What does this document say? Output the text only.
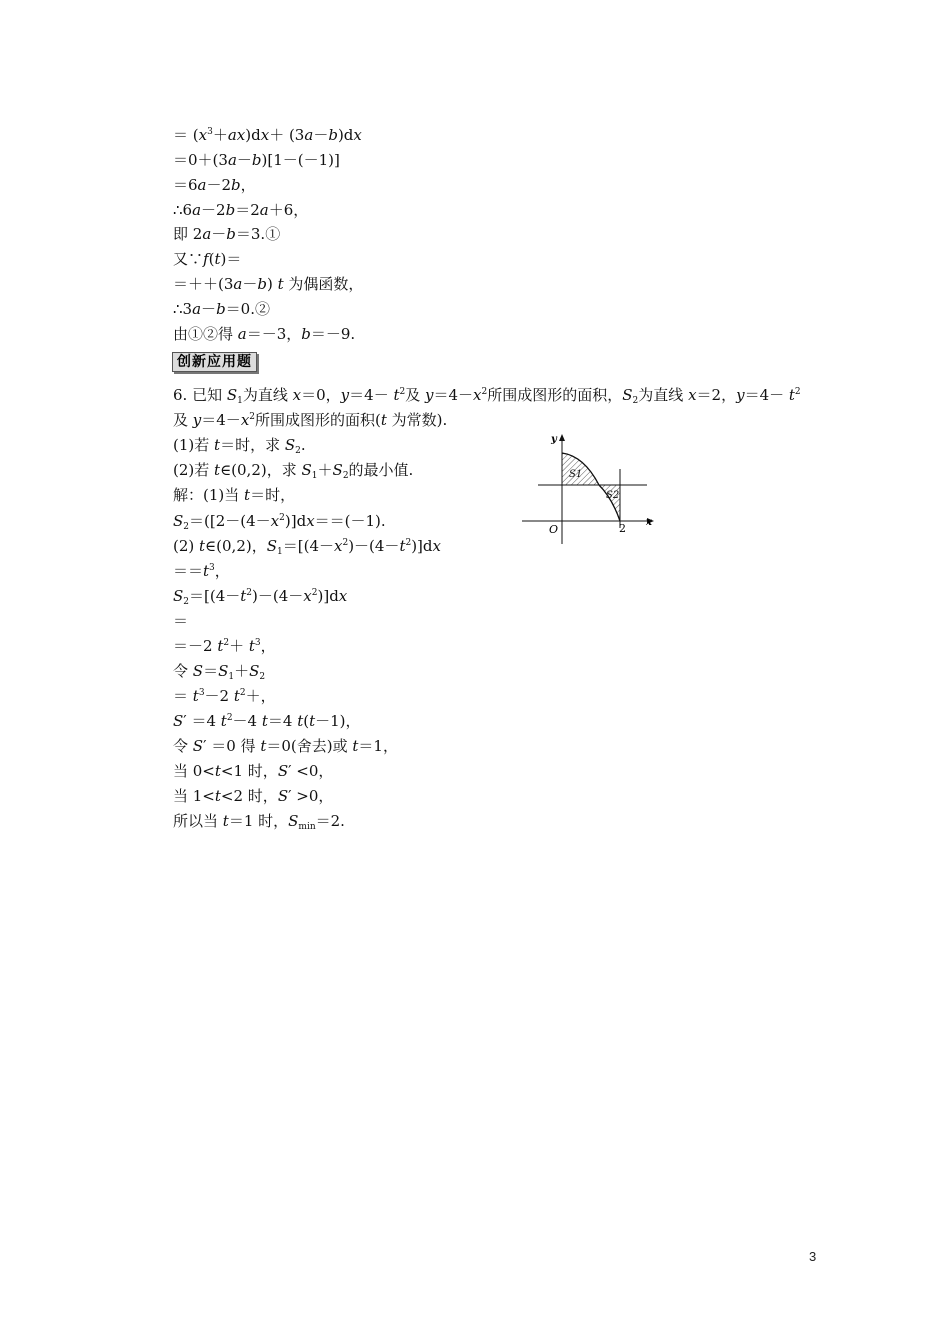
＝ $(x^3+ax)dx+ (3a-b)dx$
＝0＋(3a－b)[1－(－1)]
＝6a－2b，
∴6a－2b＝2a＋6，
即 2a－b＝3.①
又∵f(t)＝
＝＋＋(3a－b) t 为偶函数，
∴3a－b＝0.②
由①②得 a＝－3，b＝－9.
6. 已知 $S_1$为直线 x＝0，$y=4- t^2$及 $y=4-x^2$所围成图形的面积，$S_2$为直线 x＝2，$y=4- t^2$
及 $y=4-x^2$所围成图形的面积(t 为常数).
(1)若 t＝时，求 $S_2$.
(2)若 t∈(0,2)，求 $S_1+S_2$的最小值.
解：(1)当 t＝时，
$S_2=([2-(4-x^2)]dx==(-1)$.
(2) t∈(0,2)，$S_1=[(4-x^2)-(4-t^2)]dx$
$==t^3$，
$S_2=[(4-t^2)-(4-x^2)]dx$
＝
＝－2 $t^2+ t^3$，
令 $S=S_1+S_2$
＝ $t^3-2$ $t^2+$，
S′ ＝4 $t^2-4$ t＝4 t(t－1)，
令 S′ ＝0 得 t＝0(舍去)或 t＝1，
当 0<t<1 时，S′ <0，
当 1<t<2 时，S′ >0，
所以当 t＝1 时，$S_{min}=2$.
创新应用题
y
x
O	2
S1
S2
3
